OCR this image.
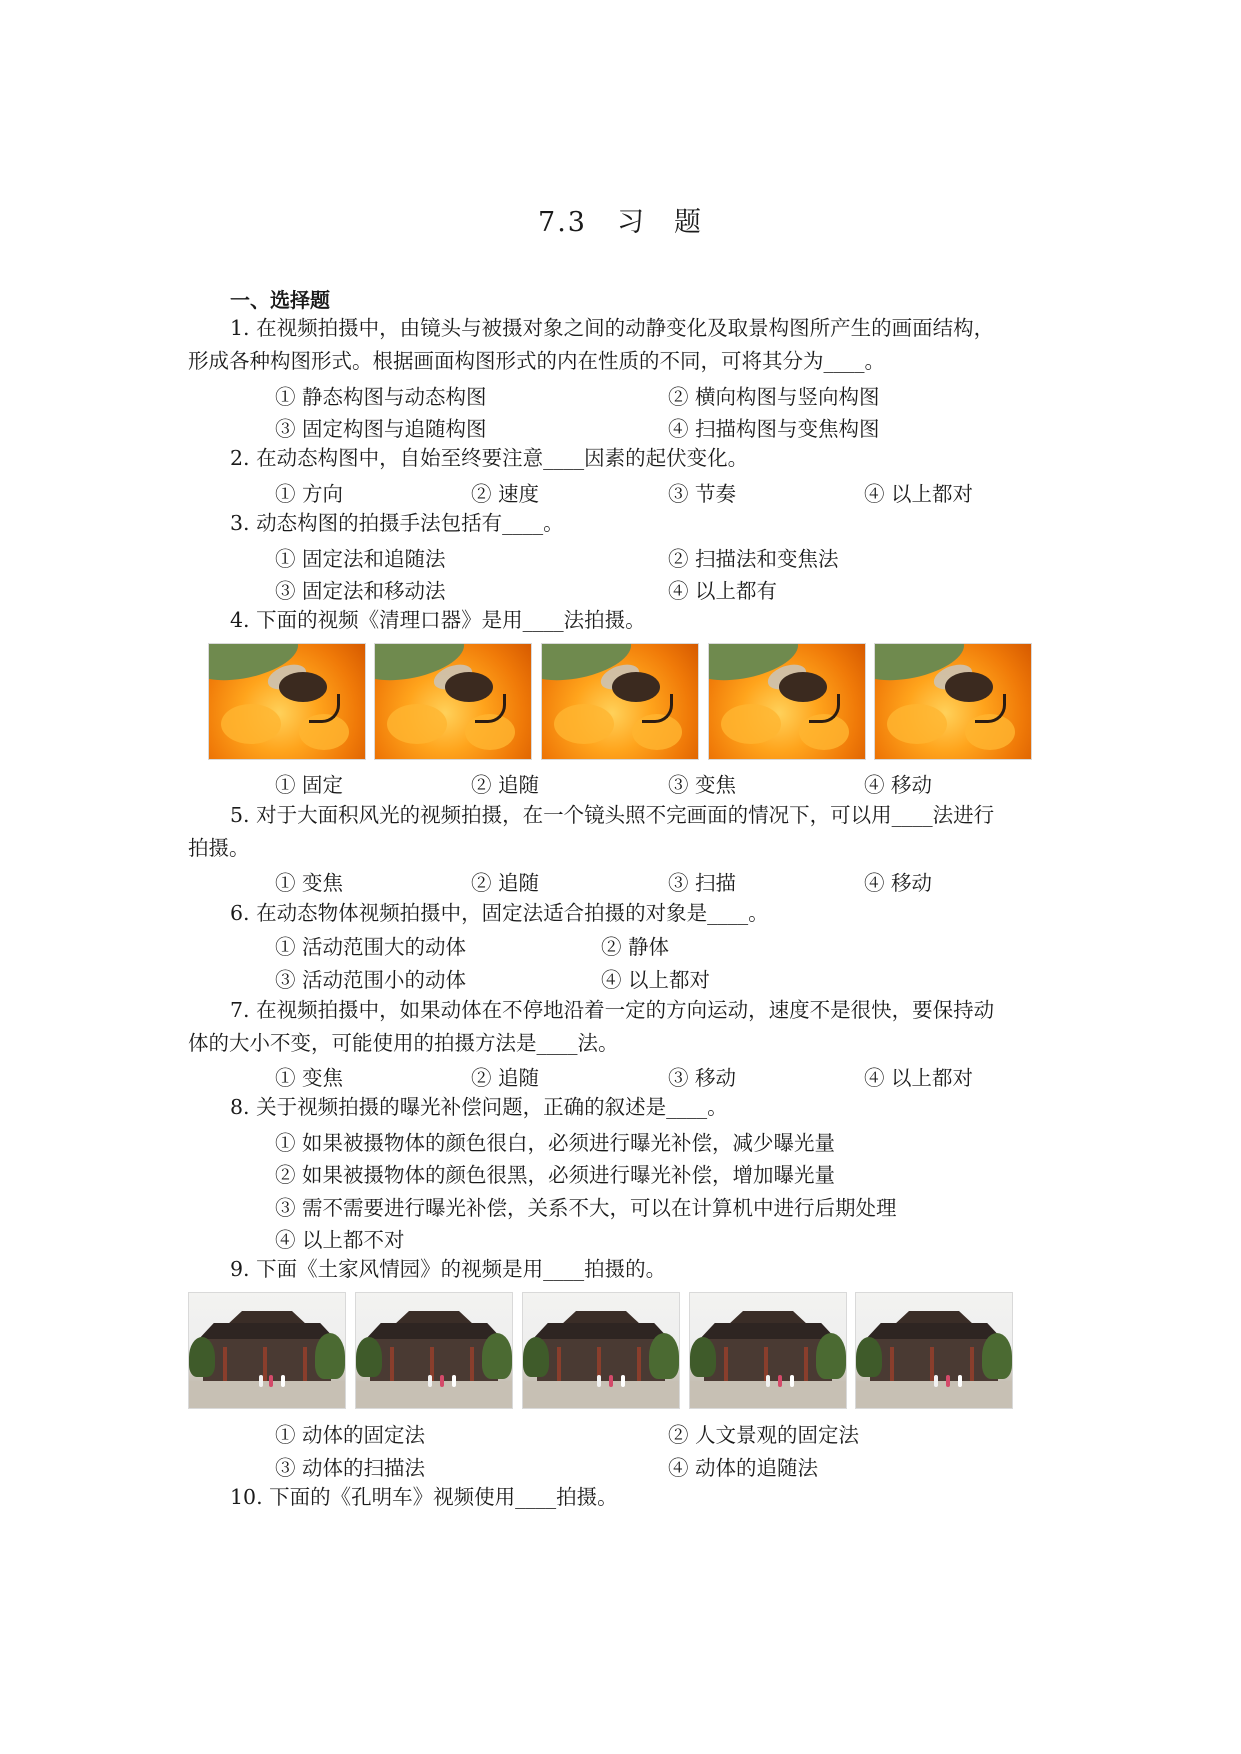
7.3 习 题
一、选择题
1. 在视频拍摄中，由镜头与被摄对象之间的动静变化及取景构图所产生的画面结构，
形成各种构图形式。根据画面构图形式的内在性质的不同，可将其分为____。
① 静态构图与动态构图	② 横向构图与竖向构图
③ 固定构图与追随构图	④ 扫描构图与变焦构图
2. 在动态构图中，自始至终要注意____因素的起伏变化。
① 方向	② 速度	③ 节奏	④ 以上都对
3. 动态构图的拍摄手法包括有____。
① 固定法和追随法	② 扫描法和变焦法
③ 固定法和移动法	④ 以上都有
4. 下面的视频《清理口器》是用____法拍摄。
① 固定	② 追随	③ 变焦	④ 移动
5. 对于大面积风光的视频拍摄，在一个镜头照不完画面的情况下，可以用____法进行
拍摄。
① 变焦	② 追随	③ 扫描	④ 移动
6. 在动态物体视频拍摄中，固定法适合拍摄的对象是____。
① 活动范围大的动体	② 静体
③ 活动范围小的动体	④ 以上都对
7. 在视频拍摄中，如果动体在不停地沿着一定的方向运动，速度不是很快，要保持动
体的大小不变，可能使用的拍摄方法是____法。
① 变焦	② 追随	③ 移动	④ 以上都对
8. 关于视频拍摄的曝光补偿问题，正确的叙述是____。
① 如果被摄物体的颜色很白，必须进行曝光补偿，减少曝光量
② 如果被摄物体的颜色很黑，必须进行曝光补偿，增加曝光量
③ 需不需要进行曝光补偿，关系不大，可以在计算机中进行后期处理
④ 以上都不对
9. 下面《土家风情园》的视频是用____拍摄的。
① 动体的固定法	② 人文景观的固定法
③ 动体的扫描法	④ 动体的追随法
10. 下面的《孔明车》视频使用____拍摄。
